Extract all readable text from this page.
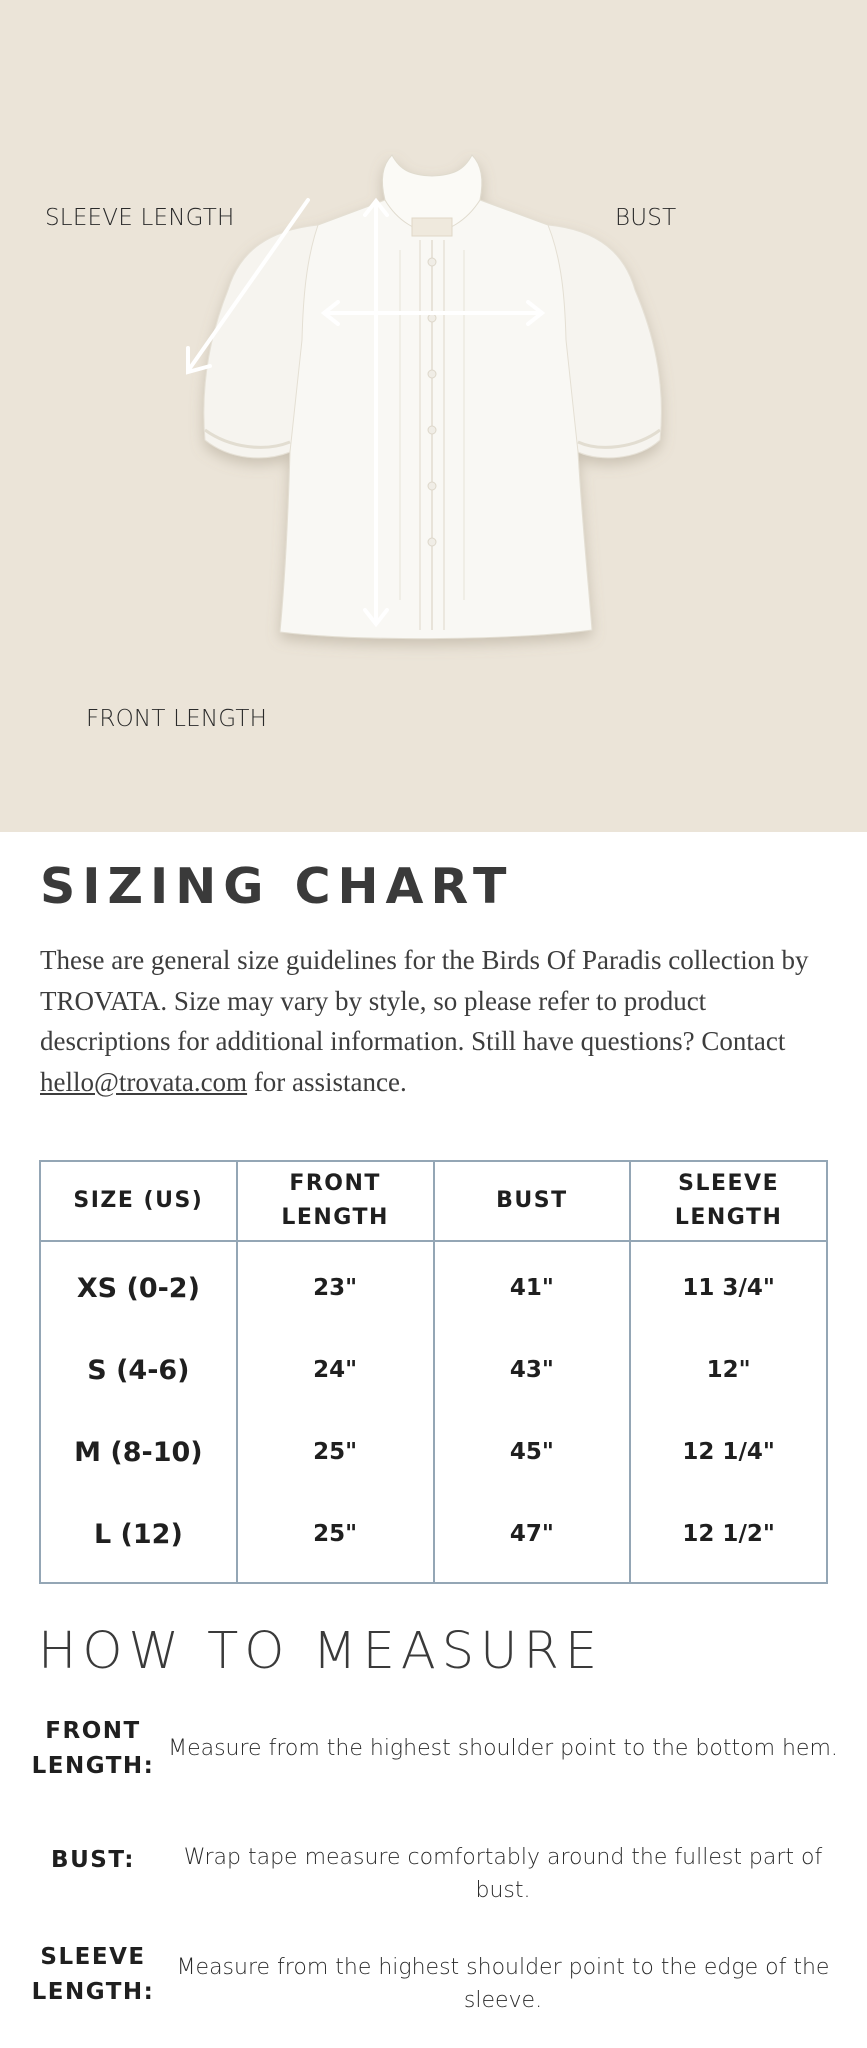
SLEEVE LENGTH	BUST
FRONT LENGTH
SIZING CHART

These are general size guidelines for the Birds Of Paradis collection by TROVATA. Size may vary by style, so please refer to product descriptions for additional information. Still have questions? Contact hello@trovata.com for assistance.

SIZE (US)	FRONT LENGTH	BUST	SLEEVE LENGTH
XS (0-2)	23"	41"	11 3/4"
S (4-6)	24"	43"	12"
M (8-10)	25"	45"	12 1/4"
L (12)	25"	47"	12 1/2"
HOW TO MEASURE
FRONT LENGTH:
Measure from the highest shoulder point to the bottom hem.
BUST:	Wrap tape measure comfortably around the fullest part of bust.
SLEEVE LENGTH:
Measure from the highest shoulder point to the edge of the sleeve.
